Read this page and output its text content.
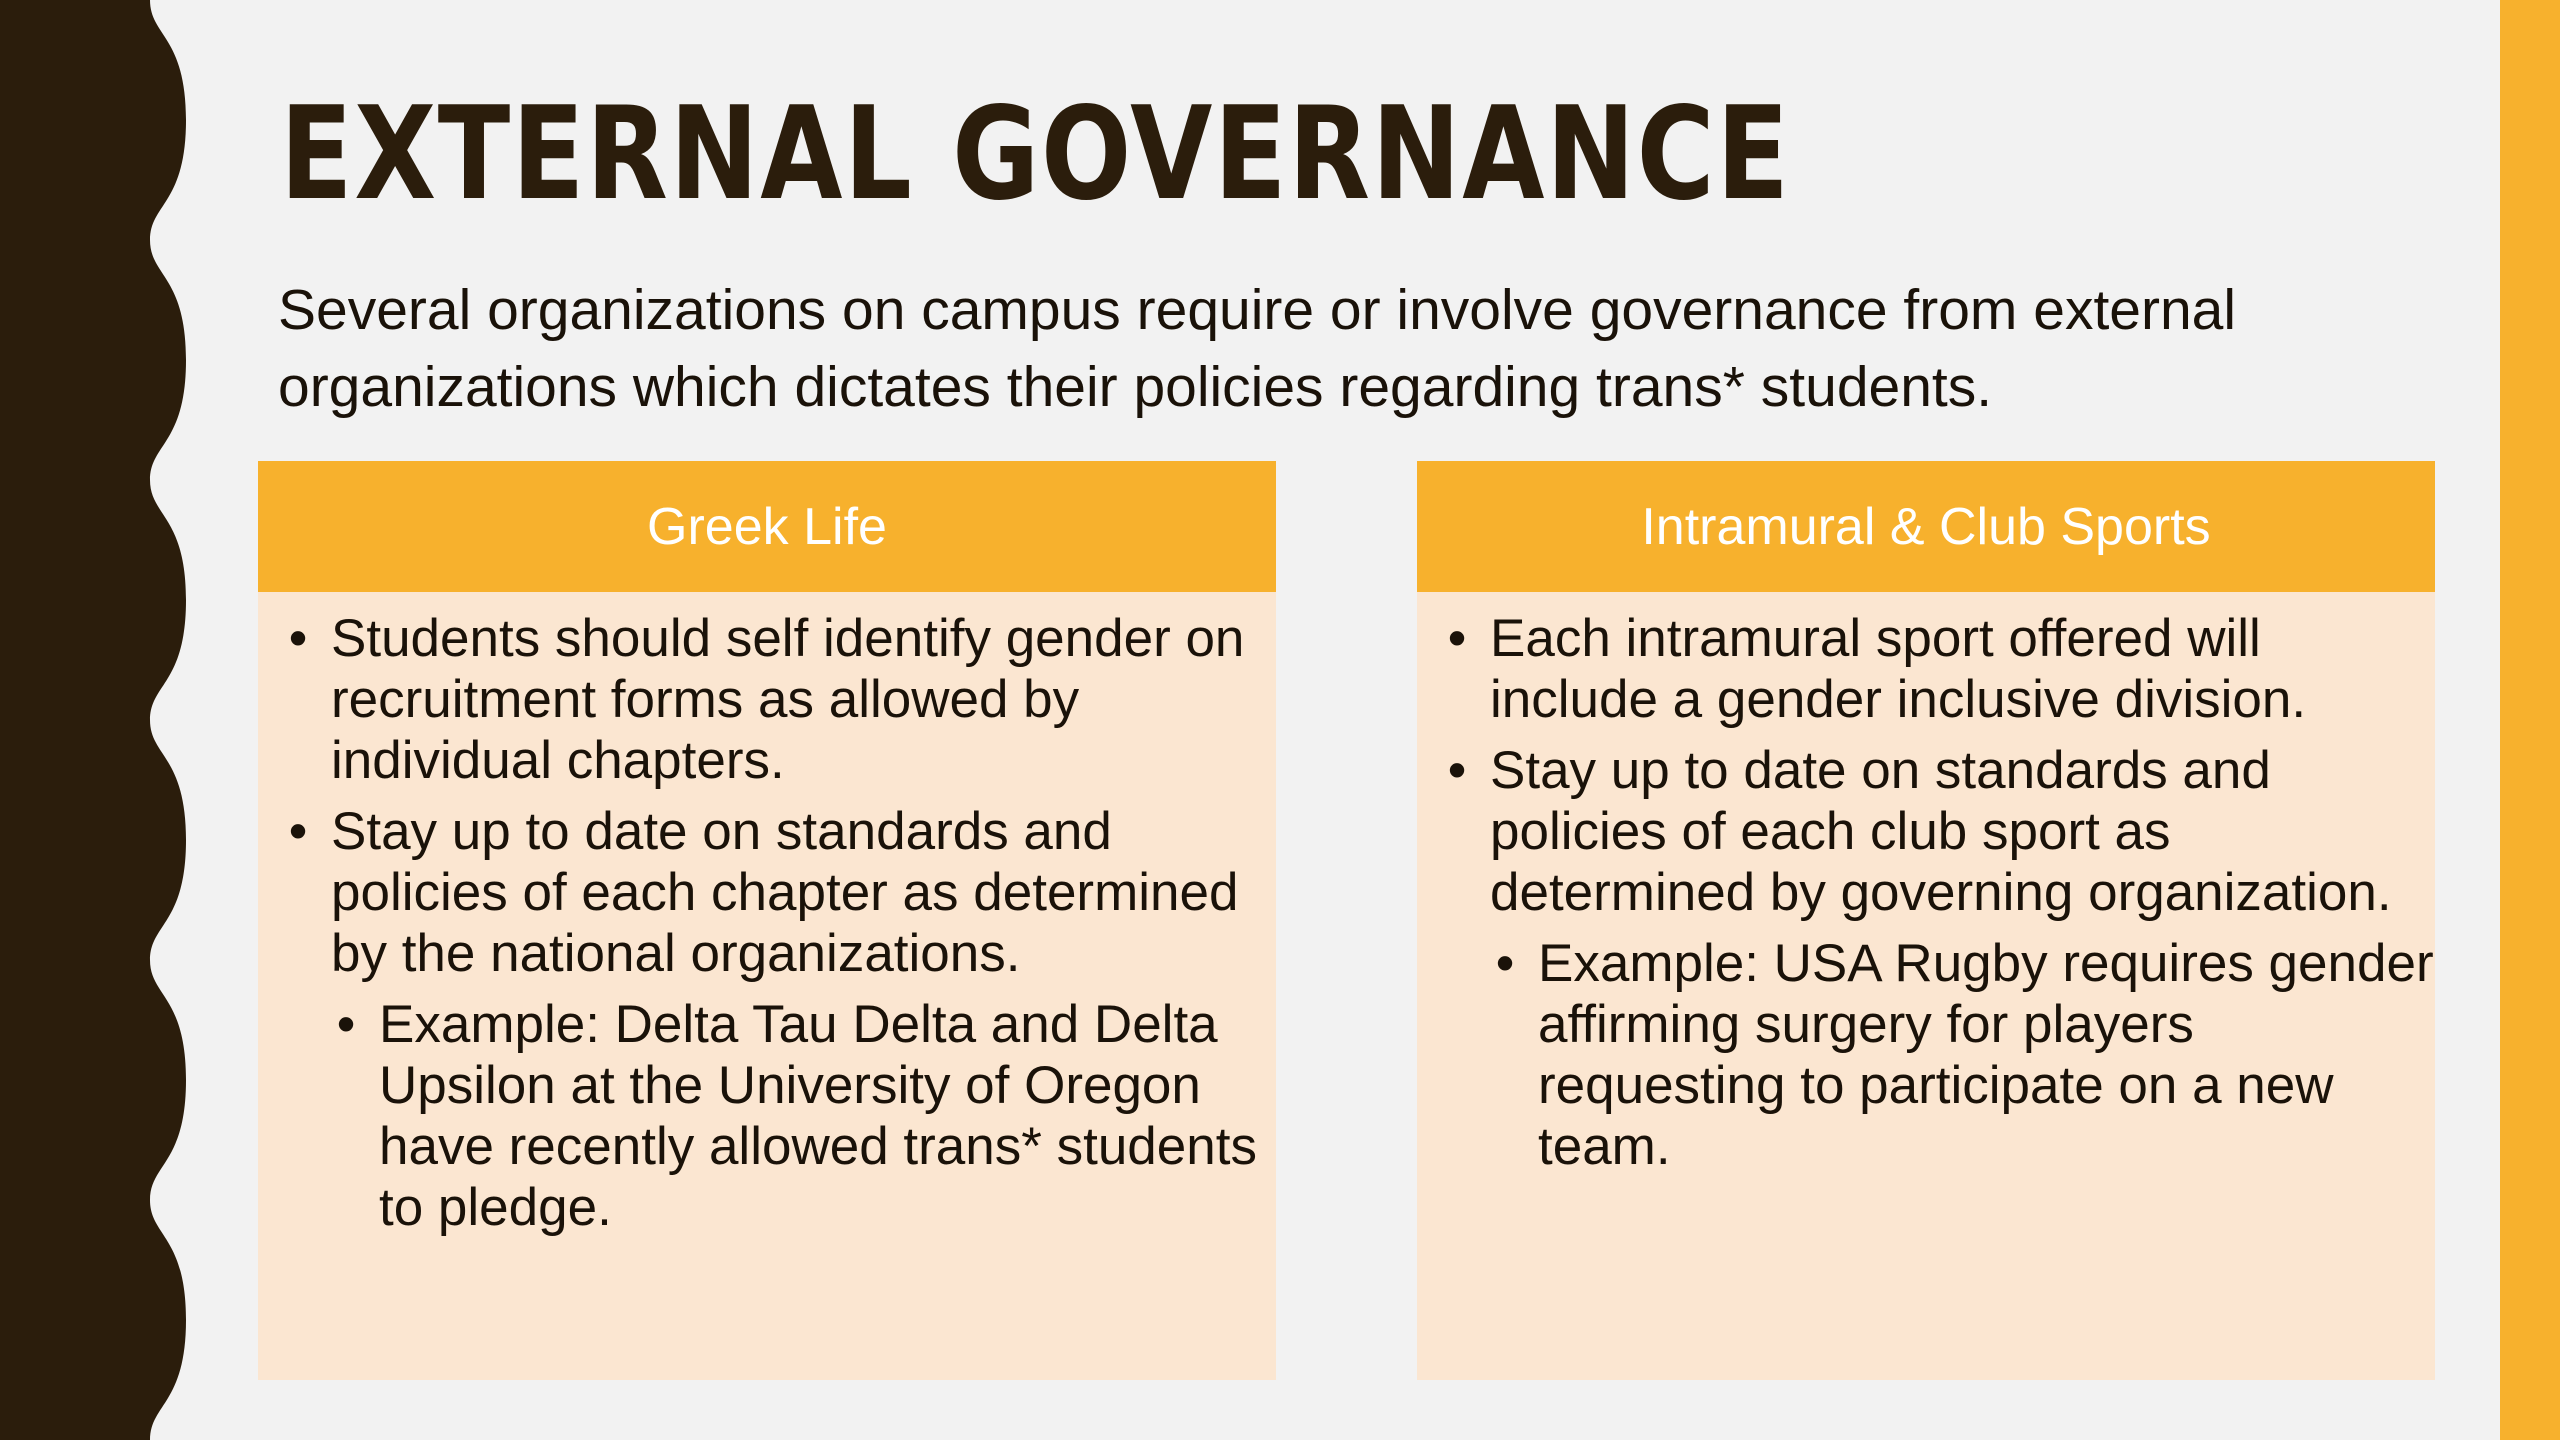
EXTERNAL GOVERNANCE

Several organizations on campus require or involve governance from external organizations which dictates their policies regarding trans* students.

Greek Life
• Students should self identify gender on recruitment forms as allowed by individual chapters.
• Stay up to date on standards and policies of each chapter as determined by the national organizations.
• Example: Delta Tau Delta and Delta Upsilon at the University of Oregon have recently allowed trans* students to pledge.
Intramural & Club Sports
• Each intramural sport offered will include a gender inclusive division.
• Stay up to date on standards and policies of each club sport as determined by governing organization.
• Example: USA Rugby requires gender affirming surgery for players requesting to participate on a new team.
